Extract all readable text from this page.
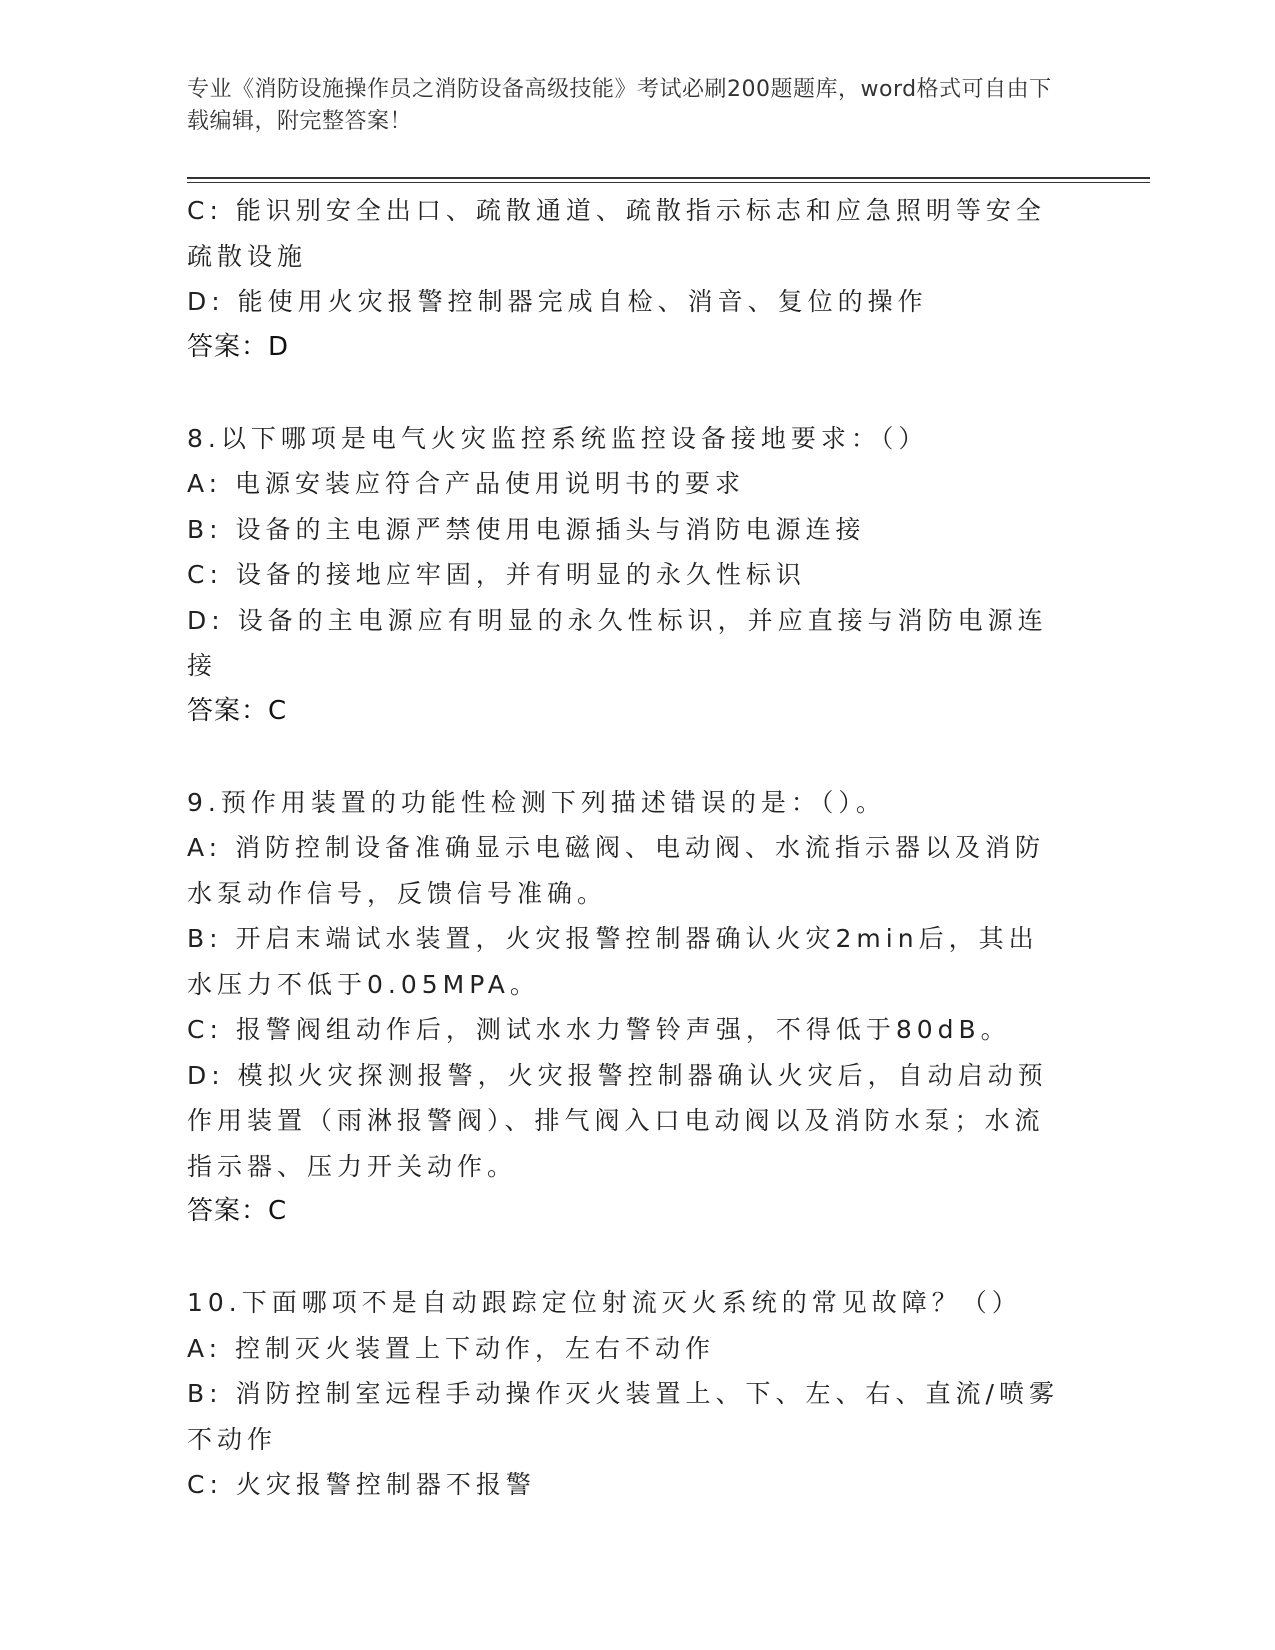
专业《消防设施操作员之消防设备高级技能》考试必刷200题题库，word格式可自由下载编辑，附完整答案！
C: 能识别安全出口、疏散通道、疏散指示标志和应急照明等安全疏散设施
D: 能使用火灾报警控制器完成自检、消音、复位的操作
答案：D
8.以下哪项是电气火灾监控系统监控设备接地要求：（）
A: 电源安装应符合产品使用说明书的要求
B: 设备的主电源严禁使用电源插头与消防电源连接
C: 设备的接地应牢固，并有明显的永久性标识
D: 设备的主电源应有明显的永久性标识，并应直接与消防电源连接
答案：C
9.预作用装置的功能性检测下列描述错误的是：（）。
A: 消防控制设备准确显示电磁阀、电动阀、水流指示器以及消防水泵动作信号，反馈信号准确。
B: 开启末端试水装置，火灾报警控制器确认火灾2min后，其出水压力不低于0.05MPA。
C: 报警阀组动作后，测试水水力警铃声强，不得低于80dB。
D: 模拟火灾探测报警，火灾报警控制器确认火灾后，自动启动预作用装置（雨淋报警阀）、排气阀入口电动阀以及消防水泵；水流指示器、压力开关动作。
答案：C
10.下面哪项不是自动跟踪定位射流灭火系统的常见故障？（）
A: 控制灭火装置上下动作，左右不动作
B: 消防控制室远程手动操作灭火装置上、下、左、右、直流/喷雾不动作
C: 火灾报警控制器不报警
